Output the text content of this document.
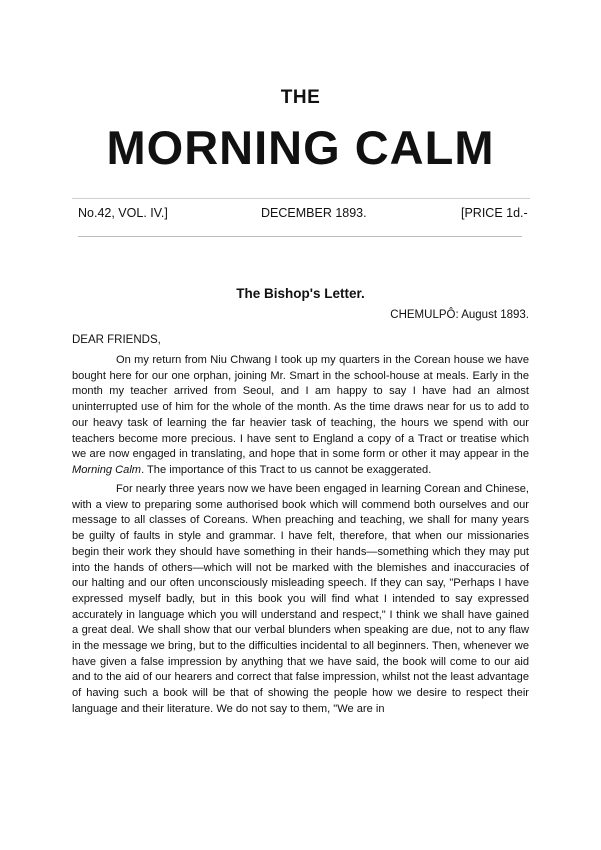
THE
MORNING CALM
No.42, VOL. IV.]	DECEMBER 1893.	[PRICE 1d.-
The Bishop's Letter.
CHEMULPÔ: August 1893.
DEAR FRIENDS,

On my return from Niu Chwang I took up my quarters in the Corean house we have bought here for our one orphan, joining Mr. Smart in the school-house at meals. Early in the month my teacher arrived from Seoul, and I am happy to say I have had an almost uninterrupted use of him for the whole of the month. As the time draws near for us to add to our heavy task of learning the far heavier task of teaching, the hours we spend with our teachers become more precious. I have sent to England a copy of a Tract or treatise which we are now engaged in translating, and hope that in some form or other it may appear in the Morning Calm. The importance of this Tract to us cannot be exaggerated.

For nearly three years now we have been engaged in learning Corean and Chinese, with a view to preparing some authorised book which will commend both ourselves and our message to all classes of Coreans. When preaching and teaching, we shall for many years be guilty of faults in style and grammar. I have felt, therefore, that when our missionaries begin their work they should have something in their hands—something which they may put into the hands of others—which will not be marked with the blemishes and inaccuracies of our halting and our often unconsciously misleading speech. If they can say, "Perhaps I have expressed myself badly, but in this book you will find what I intended to say expressed accurately in language which you will understand and respect," I think we shall have gained a great deal. We shall show that our verbal blunders when speaking are due, not to any flaw in the message we bring, but to the difficulties incidental to all beginners. Then, whenever we have given a false impression by anything that we have said, the book will come to our aid and to the aid of our hearers and correct that false impression, whilst not the least advantage of having such a book will be that of showing the people how we desire to respect their language and their literature. We do not say to them, "We are in
